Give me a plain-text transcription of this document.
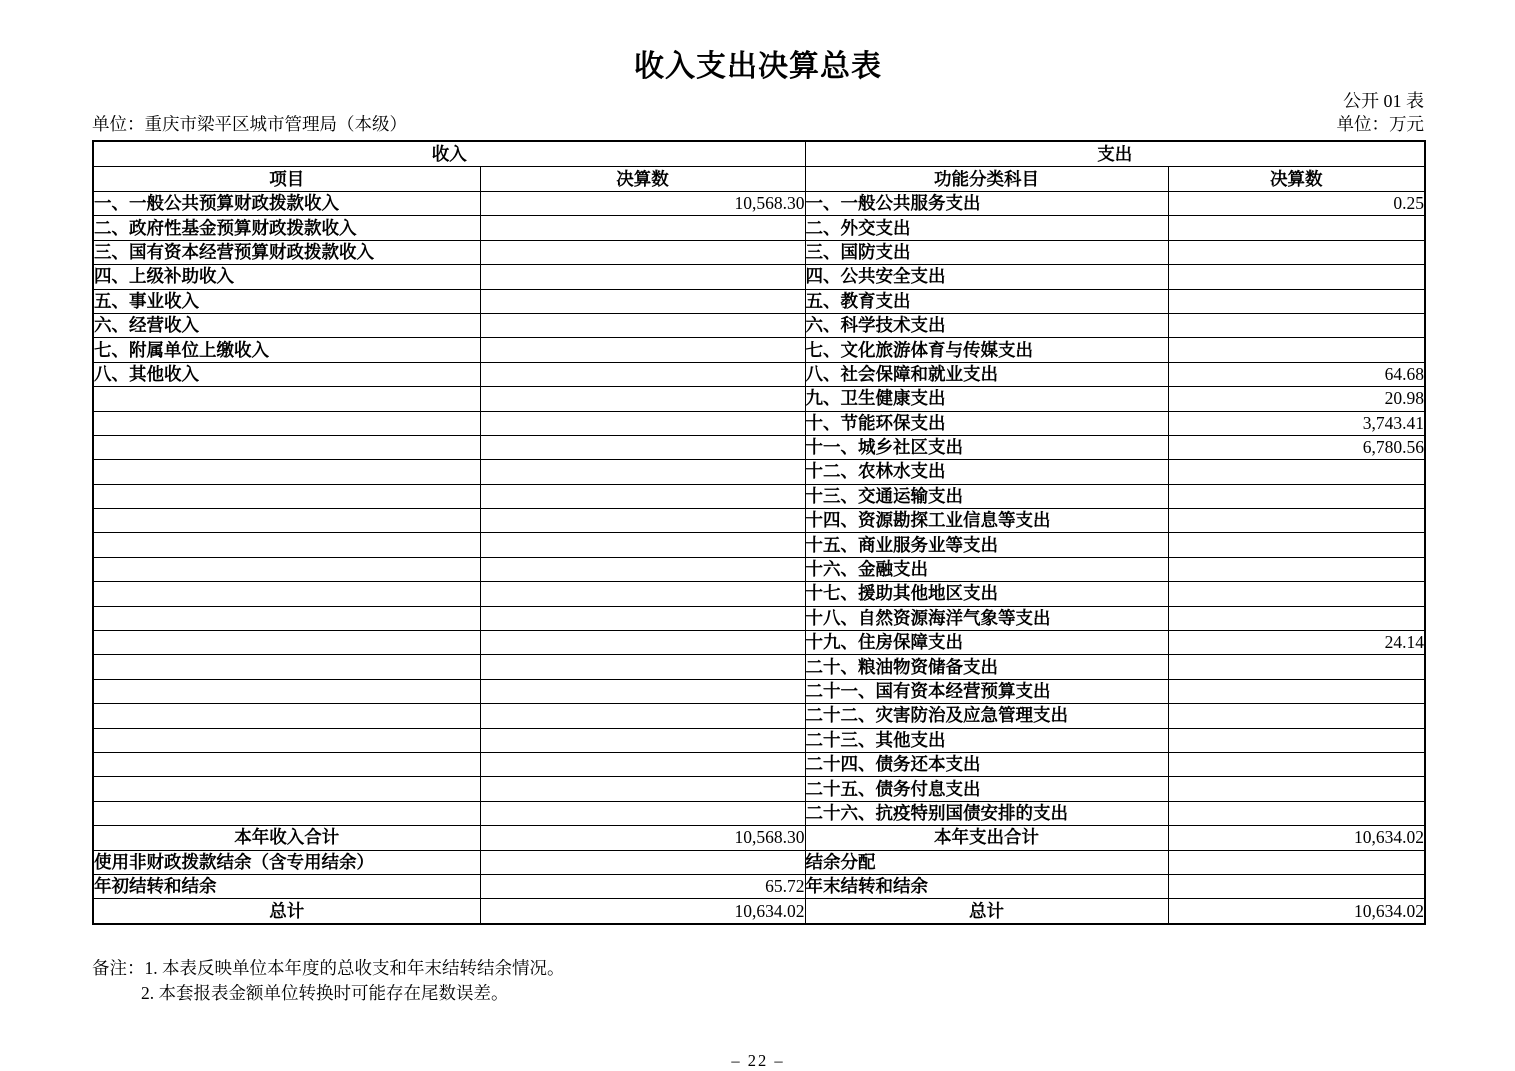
收入支出决算总表
公开 01 表
单位：重庆市梁平区城市管理局（本级）	单位：万元
收入		支出	
项目	决算数	功能分类科目	决算数
一、一般公共预算财政拨款收入	10,568.30	一、一般公共服务支出	0.25
二、政府性基金预算财政拨款收入		二、外交支出	
三、国有资本经营预算财政拨款收入		三、国防支出	
四、上级补助收入		四、公共安全支出	
五、事业收入		五、教育支出	
六、经营收入		六、科学技术支出	
七、附属单位上缴收入		七、文化旅游体育与传媒支出	
八、其他收入		八、社会保障和就业支出	64.68
		九、卫生健康支出	20.98
		十、节能环保支出	3,743.41
		十一、城乡社区支出	6,780.56
		十二、农林水支出	
		十三、交通运输支出	
		十四、资源勘探工业信息等支出	
		十五、商业服务业等支出	
		十六、金融支出	
		十七、援助其他地区支出	
		十八、自然资源海洋气象等支出	
		十九、住房保障支出	24.14
		二十、粮油物资储备支出	
		二十一、国有资本经营预算支出	
		二十二、灾害防治及应急管理支出	
		二十三、其他支出	
		二十四、债务还本支出	
		二十五、债务付息支出	
		二十六、抗疫特别国债安排的支出	
本年收入合计	10,568.30	本年支出合计	10,634.02
使用非财政拨款结余（含专用结余）		结余分配	
年初结转和结余	65.72	年末结转和结余	
总计	10,634.02	总计	10,634.02
备注：1. 本表反映单位本年度的总收支和年末结转结余情况。
2. 本套报表金额单位转换时可能存在尾数误差。
– 22 –
